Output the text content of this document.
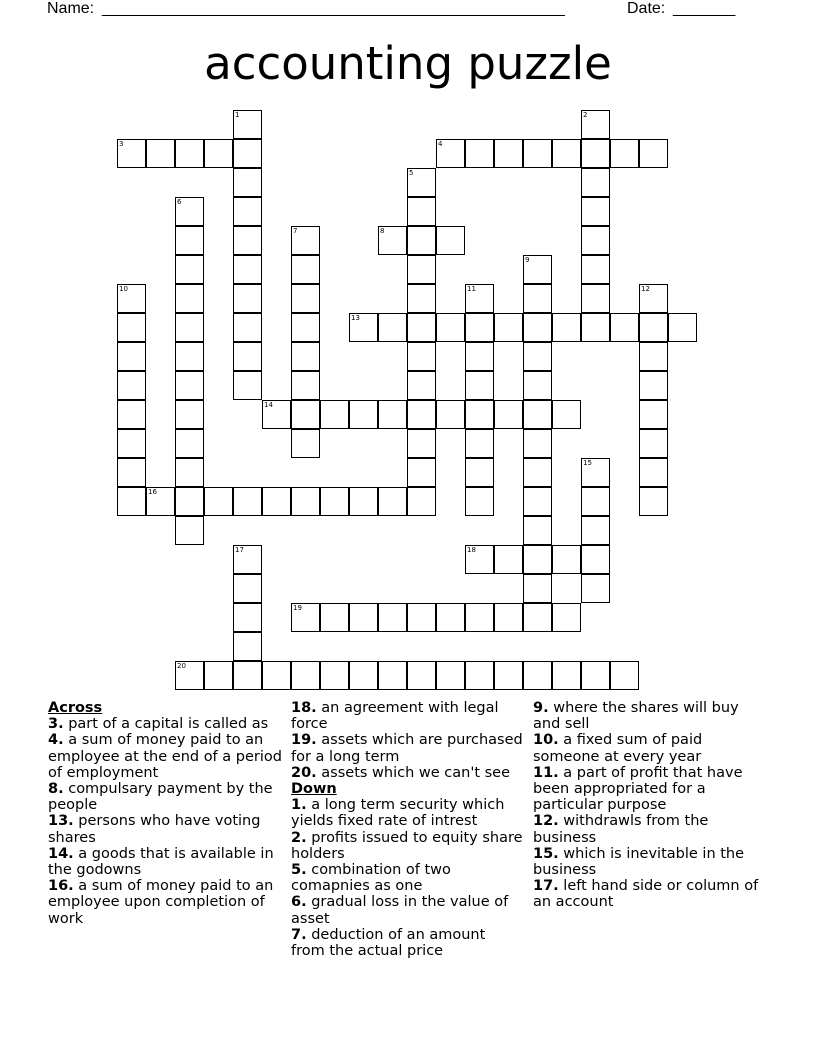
Name: ____________________________________________________	Date: _______
accounting puzzle
1	2
3	4
5
6
7	8
9
10	11	12
13
14
15
16
17	18
19
20
Across
3. part of a capital is called as
4. a sum of money paid to an employee at the end of a period of employment
8. compulsary payment by the people
13. persons who have voting shares
14. a goods that is available in the godowns
16. a sum of money paid to an employee upon completion of work
18. an agreement with legal force
19. assets which are purchased for a long term
20. assets which we can't see
Down
1. a long term security which yields fixed rate of intrest
2. profits issued to equity share holders
5. combination of two comapnies as one
6. gradual loss in the value of asset
7. deduction of an amount from the actual price
9. where the shares will buy and sell
10. a fixed sum of paid someone at every year
11. a part of profit that have been appropriated for a particular purpose
12. withdrawls from the business
15. which is inevitable in the business
17. left hand side or column of an account
